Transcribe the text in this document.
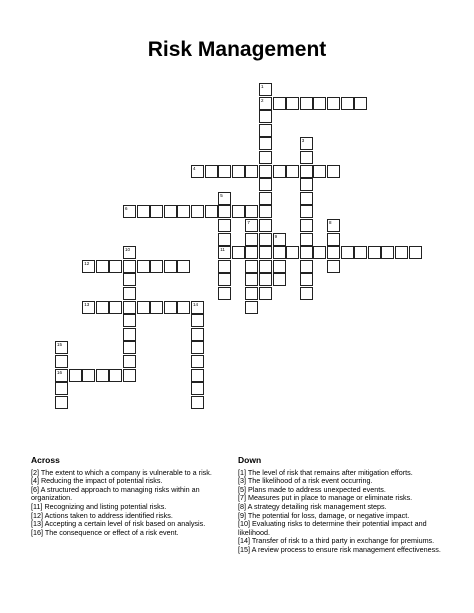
Risk Management
2
4
6
11
12
13	14
16
1
3
5
7	8
9
10
15
Across

[2] The extent to which a company is vulnerable to a risk.

[4] Reducing the impact of potential risks.

[6] A structured approach to managing risks within an organization.

[11] Recognizing and listing potential risks.

[12] Actions taken to address identified risks.

[13] Accepting a certain level of risk based on analysis.

[16] The consequence or effect of a risk event.

Down

[1] The level of risk that remains after mitigation efforts.

[3] The likelihood of a risk event occurring.

[5] Plans made to address unexpected events.

[7] Measures put in place to manage or eliminate risks.

[8] A strategy detailing risk management steps.

[9] The potential for loss, damage, or negative impact.

[10] Evaluating risks to determine their potential impact and likelihood.

[14] Transfer of risk to a third party in exchange for premiums.

[15] A review process to ensure risk management effectiveness.
